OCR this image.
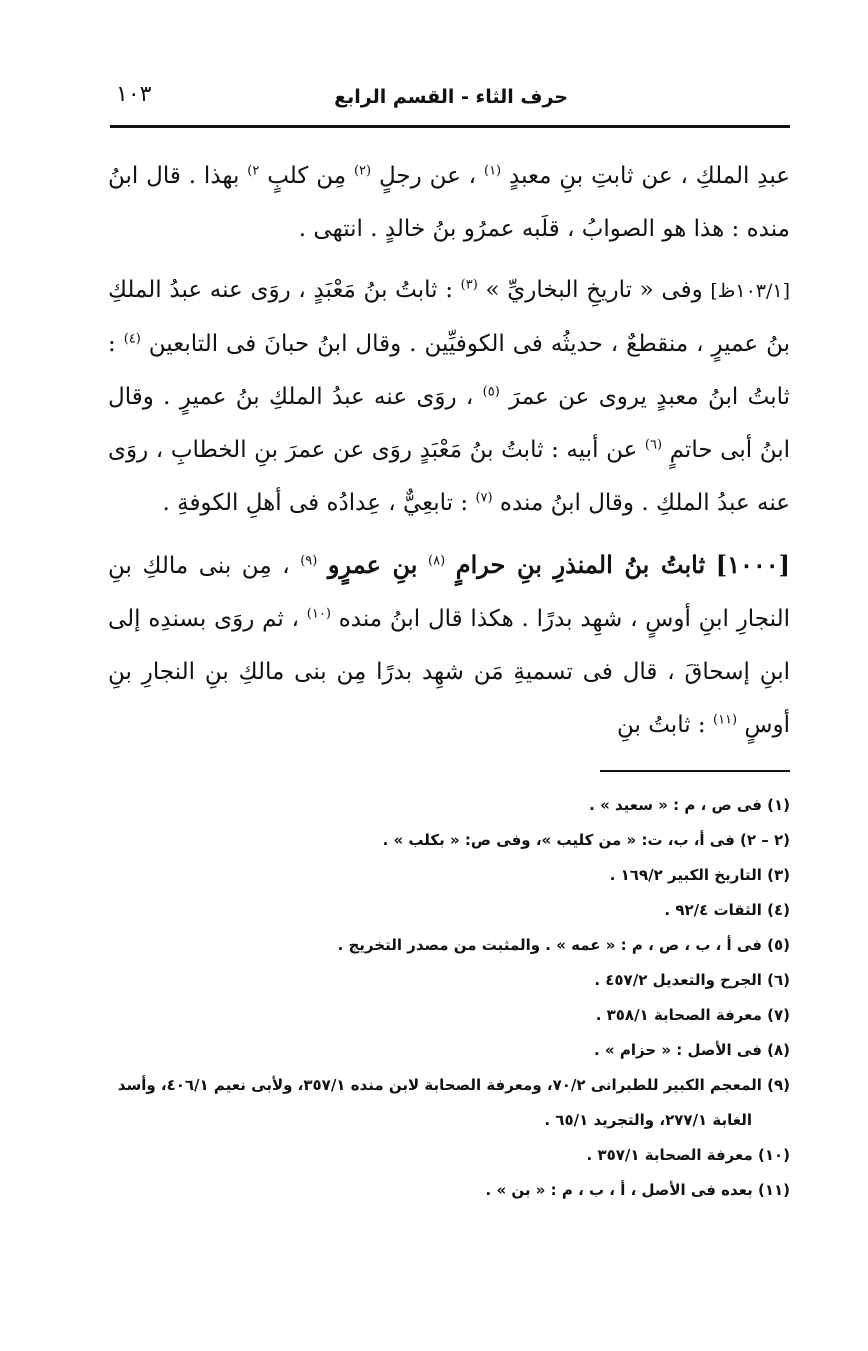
حرف الثاء - القسم الرابع
١٠٣

عبدِ الملكِ ، عن ثابتِ بنِ معبدٍ $^{(١)}$ ، عن رجلٍ $^{(٢)}$ مِن كلبٍ $^{٢)}$ بهذا . قال ابنُ منده : هذا هو الصوابُ ، قلَبه عمرُو بنُ خالدٍ . انتهى .

[١٠٣/١ظ] وفى « تاريخِ البخاريِّ » $^{(٣)}$ : ثابتُ بنُ مَعْبَدٍ ، روَى عنه عبدُ الملكِ بنُ عميرٍ ، منقطعٌ ، حديثُه فى الكوفيِّين . وقال ابنُ حبانَ فى التابعين $^{(٤)}$ : ثابتُ ابنُ معبدٍ يروى عن عمرَ $^{(٥)}$ ، روَى عنه عبدُ الملكِ بنُ عميرٍ . وقال ابنُ أبى حاتمٍ $^{(٦)}$ عن أبيه : ثابتُ بنُ مَعْبَدٍ روَى عن عمرَ بنِ الخطابِ ، روَى عنه عبدُ الملكِ . وقال ابنُ منده $^{(٧)}$ : تابعِيٌّ ، عِدادُه فى أهلِ الكوفةِ .

[١٠٠٠] ثابتُ بنُ المنذرِ بنِ حرامٍ $^{(٨)}$ بنِ عمرٍو $^{(٩)}$ ، مِن بنى مالكِ بنِ النجارِ ابنِ أوسٍ ، شهِد بدرًا . هكذا قال ابنُ منده $^{(١٠)}$ ، ثم روَى بسندِه إلى ابنِ إسحاقَ ، قال فى تسميةِ مَن شهِد بدرًا مِن بنى مالكِ بنِ النجارِ بنِ أوسٍ $^{(١١)}$ : ثابتُ بنِ

(١) فى ص ، م : « سعيد » .

(٢ – ٢) فى أ، ب، ت: « من كليب »، وفى ص: « بكلب » .

(٣) التاريخ الكبير ١٦٩/٢ .

(٤) الثقات ٩٢/٤ .

(٥) فى أ ، ب ، ص ، م : « عمه » . والمثبت من مصدر التخريج .

(٦) الجرح والتعديل ٤٥٧/٢ .

(٧) معرفة الصحابة ٣٥٨/١ .

(٨) فى الأصل : « حزام » .

(٩) المعجم الكبير للطبرانى ٧٠/٢، ومعرفة الصحابة لابن منده ٣٥٧/١، ولأبى نعيم ٤٠٦/١، وأسد

الغابة ٢٧٧/١، والتجريد ٦٥/١ .

(١٠) معرفة الصحابة ٣٥٧/١ .

(١١) بعده فى الأصل ، أ ، ب ، م : « بن » .
